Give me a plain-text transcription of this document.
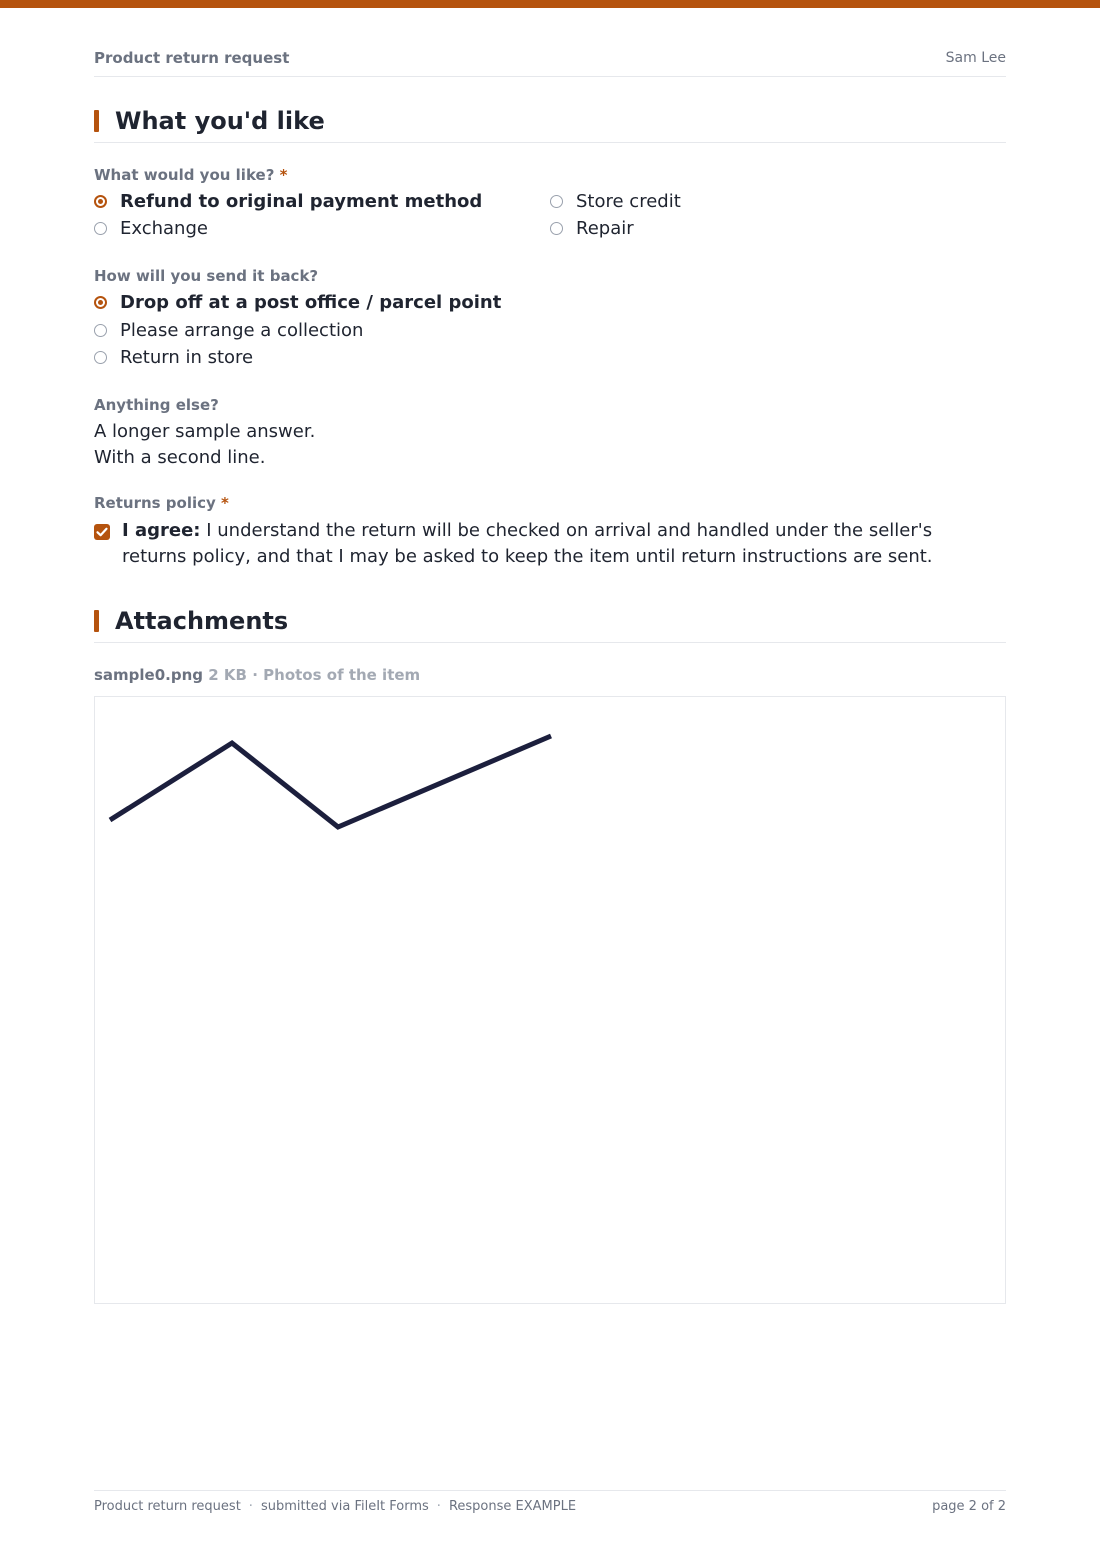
Product return request	Sam Lee
What you'd like
What would you like? *
Refund to original payment method	Store credit
Exchange	Repair
How will you send it back?
Drop off at a post office / parcel point
Please arrange a collection
Return in store
Anything else?
A longer sample answer.
With a second line.
Returns policy *
I agree: I understand the return will be checked on arrival and handled under the seller's returns policy, and that I may be asked to keep the item until return instructions are sent.
Attachments
sample0.png 2 KB · Photos of the item
Product return request · submitted via FileIt Forms · Response EXAMPLE	page 2 of 2
